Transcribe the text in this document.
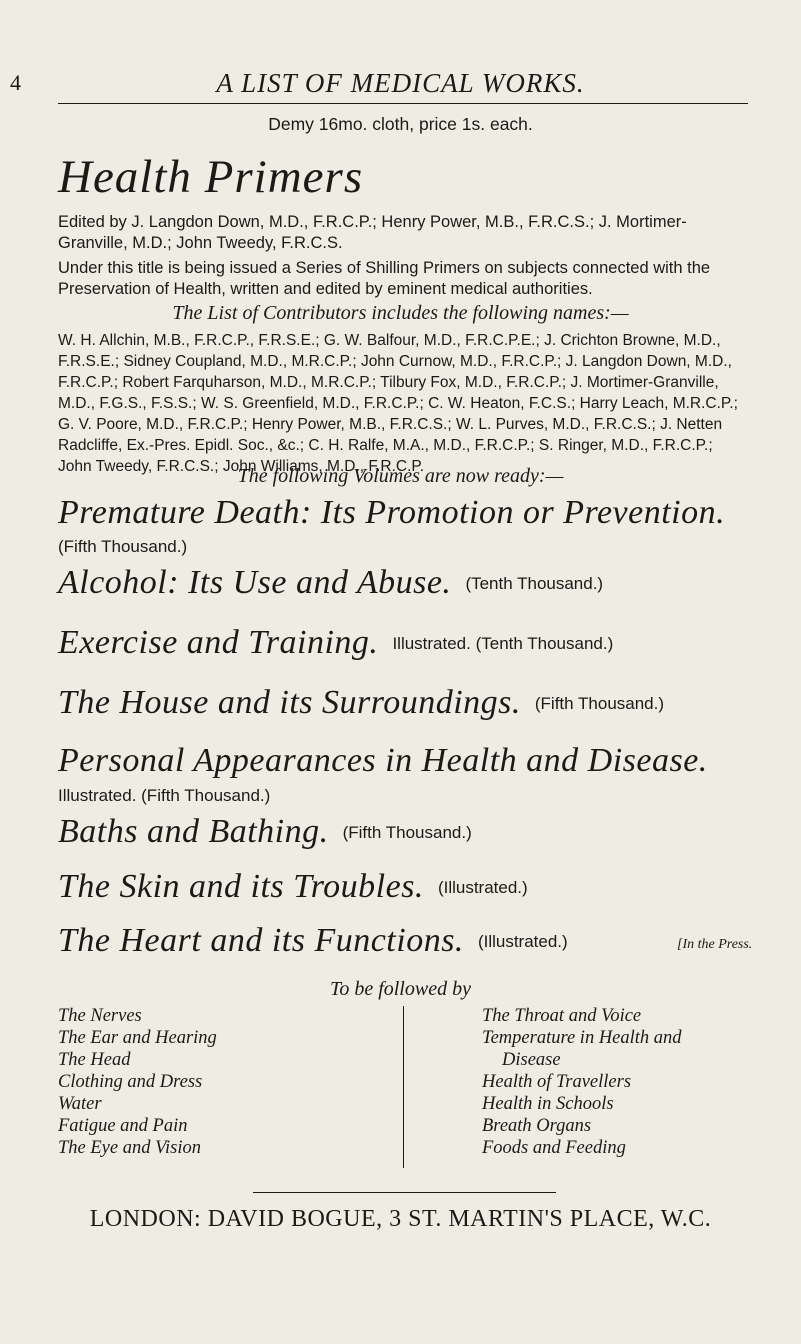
4	A LIST OF MEDICAL WORKS.
Demy 16mo. cloth, price 1s. each.
Health Primers
Edited by J. Langdon Down, M.D., F.R.C.P.; Henry Power, M.B., F.R.C.S.; J. Mortimer-Granville, M.D.; John Tweedy, F.R.C.S.
Under this title is being issued a Series of Shilling Primers on subjects connected with the Preservation of Health, written and edited by eminent medical authorities.
The List of Contributors includes the following names:—
W. H. Allchin, M.B., F.R.C.P., F.R.S.E.; G. W. Balfour, M.D., F.R.C.P.E.; J. Crichton Browne, M.D., F.R.S.E.; Sidney Coupland, M.D., M.R.C.P.; John Curnow, M.D., F.R.C.P.; J. Langdon Down, M.D., F.R.C.P.; Robert Farquharson, M.D., M.R.C.P.; Tilbury Fox, M.D., F.R.C.P.; J. Mortimer-Granville, M.D., F.G.S., F.S.S.; W. S. Greenfield, M.D., F.R.C.P.; C. W. Heaton, F.C.S.; Harry Leach, M.R.C.P.; G. V. Poore, M.D., F.R.C.P.; Henry Power, M.B., F.R.C.S.; W. L. Purves, M.D., F.R.C.S.; J. Netten Radcliffe, Ex.-Pres. Epidl. Soc., &c.; C. H. Ralfe, M.A., M.D., F.R.C.P.; S. Ringer, M.D., F.R.C.P.; John Tweedy, F.R.C.S.; John Williams, M.D., F.R.C.P.
The following Volumes are now ready:—
Premature Death: Its Promotion or Prevention.
(Fifth Thousand.)
Alcohol: Its Use and Abuse. (Tenth Thousand.)
Exercise and Training. Illustrated. (Tenth Thousand.)
The House and its Surroundings. (Fifth Thousand.)
Personal Appearances in Health and Disease.
Illustrated. (Fifth Thousand.)
Baths and Bathing. (Fifth Thousand.)
The Skin and its Troubles. (Illustrated.)
The Heart and its Functions. (Illustrated.)	[In the Press.
To be followed by
The Nerves
The Ear and Hearing
The Head
Clothing and Dress
Water
Fatigue and Pain
The Eye and Vision
The Throat and Voice
Temperature in Health and
Disease
Health of Travellers
Health in Schools
Breath Organs
Foods and Feeding
LONDON: DAVID BOGUE, 3 ST. MARTIN'S PLACE, W.C.
